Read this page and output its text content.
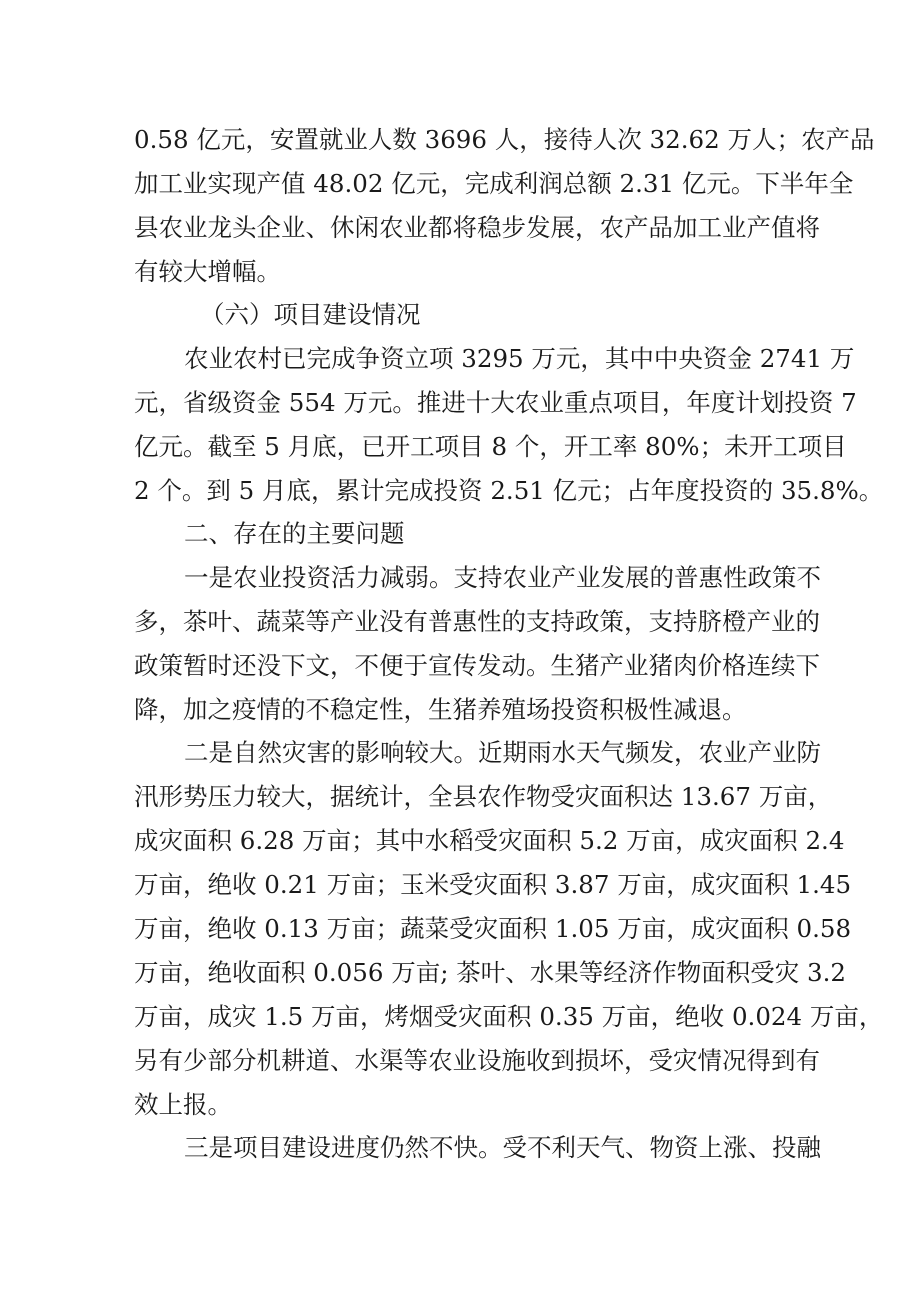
0.58 亿元，安置就业人数 3696 人，接待人次 32.62 万人；农产品
加工业实现产值 48.02 亿元，完成利润总额 2.31 亿元。下半年全
县农业龙头企业、休闲农业都将稳步发展，农产品加工业产值将
有较大增幅。
（六）项目建设情况
农业农村已完成争资立项 3295 万元，其中中央资金 2741 万
元，省级资金 554 万元。推进十大农业重点项目，年度计划投资 7
亿元。截至 5 月底，已开工项目 8 个，开工率 80%；未开工项目
2 个。到 5 月底，累计完成投资 2.51 亿元；占年度投资的 35.8%。
二、存在的主要问题
一是农业投资活力减弱。支持农业产业发展的普惠性政策不
多，茶叶、蔬菜等产业没有普惠性的支持政策，支持脐橙产业的
政策暂时还没下文，不便于宣传发动。生猪产业猪肉价格连续下
降，加之疫情的不稳定性，生猪养殖场投资积极性减退。
二是自然灾害的影响较大。近期雨水天气频发，农业产业防
汛形势压力较大，据统计，全县农作物受灾面积达 13.67 万亩，
成灾面积 6.28 万亩；其中水稻受灾面积 5.2 万亩，成灾面积 2.4
万亩，绝收 0.21 万亩；玉米受灾面积 3.87 万亩，成灾面积 1.45
万亩，绝收 0.13 万亩；蔬菜受灾面积 1.05 万亩，成灾面积 0.58
万亩，绝收面积 0.056 万亩; 茶叶、水果等经济作物面积受灾 3.2
万亩，成灾 1.5 万亩，烤烟受灾面积 0.35 万亩，绝收 0.024 万亩，
另有少部分机耕道、水渠等农业设施收到损坏，受灾情况得到有
效上报。
三是项目建设进度仍然不快。受不利天气、物资上涨、投融
